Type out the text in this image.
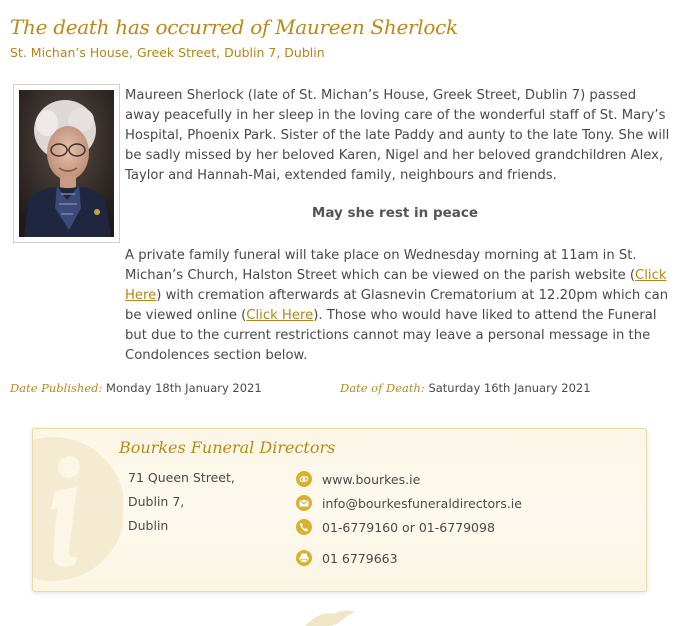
The death has occurred of Maureen Sherlock
St. Michan’s House, Greek Street, Dublin 7, Dublin

Maureen Sherlock (late of St. Michan’s House, Greek Street, Dublin 7) passed away peacefully in her sleep in the loving care of the wonderful staff of St. Mary’s Hospital, Phoenix Park. Sister of the late Paddy and aunty to the late Tony. She will be sadly missed by her beloved Karen, Nigel and her beloved grandchildren Alex, Taylor and Hannah-Mai, extended family, neighbours and friends.

May she rest in peace

A private family funeral will take place on Wednesday morning at 11am in St. Michan’s Church, Halston Street which can be viewed on the parish website (Click Here) with cremation afterwards at Glasnevin Crematorium at 12.20pm which can be viewed online (Click Here). Those who would have liked to attend the Funeral but due to the current restrictions cannot may leave a personal message in the Condolences section below.

Date Published: Monday 18th January 2021	Date of Death: Saturday 16th January 2021
Bourkes Funeral Directors
71 Queen Street,
Dublin 7,
Dublin
www.bourkes.ie
info@bourkesfuneraldirectors.ie
01-6779160 or 01-6779098
01 6779663
